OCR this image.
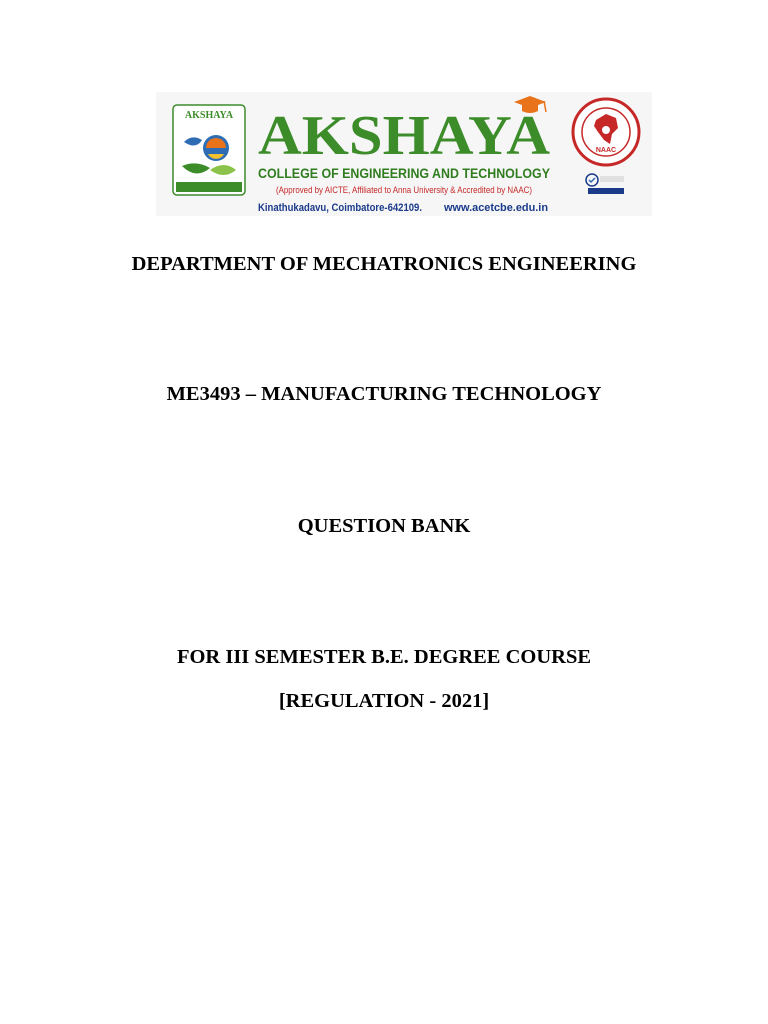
AKSHAYA AKSHAYA
COLLEGE OF ENGINEERING AND TECHNOLOGY
(Approved by AICTE, Affiliated to Anna University & Accredited by NAAC)
Kinathukadavu, Coimbatore-642109. www.acetcbe.edu.in
NAAC
DEPARTMENT OF MECHATRONICS ENGINEERING
ME3493 – MANUFACTURING TECHNOLOGY
QUESTION BANK
FOR III SEMESTER B.E. DEGREE COURSE
[REGULATION - 2021]
